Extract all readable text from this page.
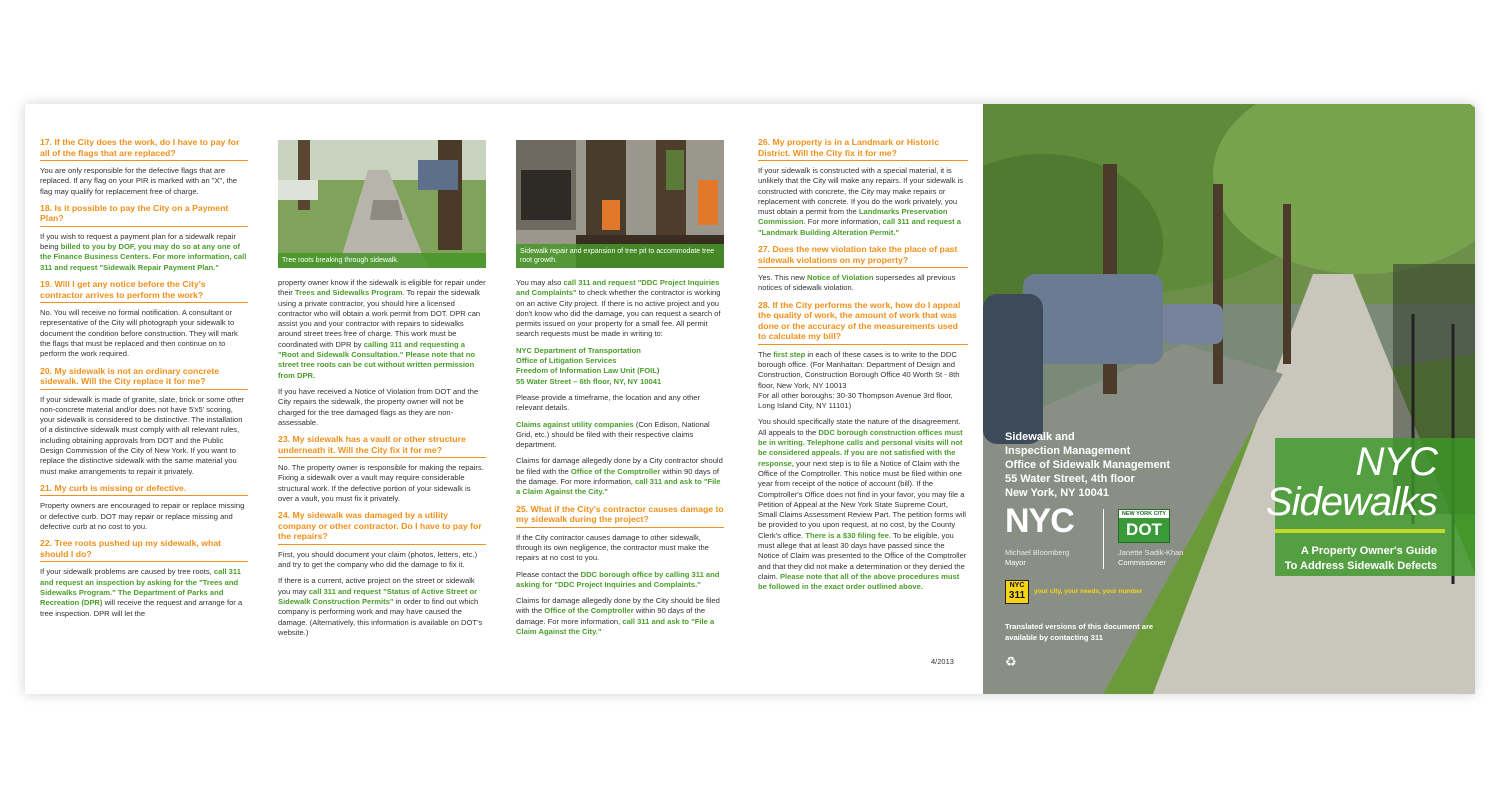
17. If the City does the work, do I have to pay for all of the flags that are replaced?

You are only responsible for the defective flags that are replaced. If any flag on your PIR is marked with an "X", the flag may qualify for replacement free of charge.

18. Is it possible to pay the City on a Payment Plan?

If you wish to request a payment plan for a sidewalk repair being billed to you by DOF, you may do so at any one of the Finance Business Centers. For more information, call 311 and request "Sidewalk Repair Payment Plan."

19. Will I get any notice before the City's contractor arrives to perform the work?

No. You will receive no formal notification. A consultant or representative of the City will photograph your sidewalk to document the condition before construction. They will mark the flags that must be replaced and then continue on to perform the work required.

20. My sidewalk is not an ordinary concrete sidewalk. Will the City replace it for me?

If your sidewalk is made of granite, slate, brick or some other non-concrete material and/or does not have 5'x5' scoring, your sidewalk is considered to be distinctive. The installation of a distinctive sidewalk must comply with all relevant rules, including obtaining approvals from DOT and the Public Design Commission of the City of New York. If you want to replace the distinctive sidewalk with the same material you must make arrangements to repair it privately.

21. My curb is missing or defective.

Property owners are encouraged to repair or replace missing or defective curb. DOT may repair or replace missing and defective curb at no cost to you.

22. Tree roots pushed up my sidewalk, what should I do?

If your sidewalk problems are caused by tree roots, call 311 and request an inspection by asking for the "Trees and Sidewalks Program." The Department of Parks and Recreation (DPR) will receive the request and arrange for a tree inspection. DPR will let the

Tree roots breaking through sidewalk.

property owner know if the sidewalk is eligible for repair under their Trees and Sidewalks Program. To repair the sidewalk using a private contractor, you should hire a licensed contractor who will obtain a work permit from DOT. DPR can assist you and your contractor with repairs to sidewalks around street trees free of charge. This work must be coordinated with DPR by calling 311 and requesting a "Root and Sidewalk Consultation." Please note that no street tree roots can be cut without written permission from DPR.

If you have received a Notice of Violation from DOT and the City repairs the sidewalk, the property owner will not be charged for the tree damaged flags as they are non-assessable.

23. My sidewalk has a vault or other structure underneath it. Will the City fix it for me?

No. The property owner is responsible for making the repairs. Fixing a sidewalk over a vault may require considerable structural work. If the defective portion of your sidewalk is over a vault, you must fix it privately.

24. My sidewalk was damaged by a utility company or other contractor. Do I have to pay for the repairs?

First, you should document your claim (photos, letters, etc.) and try to get the company who did the damage to fix it.

If there is a current, active project on the street or sidewalk you may call 311 and request "Status of Active Street or Sidewalk Construction Permits" in order to find out which company is performing work and may have caused the damage. (Alternatively, this information is available on DOT's website.)

Sidewalk repair and expansion of tree pit to accommodate tree root growth.

You may also call 311 and request "DDC Project Inquiries and Complaints" to check whether the contractor is working on an active City project. If there is no active project and you don't know who did the damage, you can request a search of permits issued on your property for a small fee. All permit search requests must be made in writing to:

NYC Department of Transportation
Office of Litigation Services
Freedom of Information Law Unit (FOIL)
55 Water Street – 6th floor, NY, NY 10041

Please provide a timeframe, the location and any other relevant details.

Claims against utility companies (Con Edison, National Grid, etc.) should be filed with their respective claims department.

Claims for damage allegedly done by a City contractor should be filed with the Office of the Comptroller within 90 days of the damage. For more information, call 311 and ask to "File a Claim Against the City."

25. What if the City's contractor causes damage to my sidewalk during the project?

If the City contractor causes damage to other sidewalk, through its own negligence, the contractor must make the repairs at no cost to you.

Please contact the DDC borough office by calling 311 and asking for "DDC Project Inquiries and Complaints."

Claims for damage allegedly done by the City should be filed with the Office of the Comptroller within 90 days of the damage. For more information, call 311 and ask to "File a Claim Against the City."

26. My property is in a Landmark or Historic District. Will the City fix it for me?

If your sidewalk is constructed with a special material, it is unlikely that the City will make any repairs. If your sidewalk is constructed with concrete, the City may make repairs or replacement with concrete. If you do the work privately, you must obtain a permit from the Landmarks Preservation Commission. For more information, call 311 and request a "Landmark Building Alteration Permit."

27. Does the new violation take the place of past sidewalk violations on my property?

Yes. This new Notice of Violation supersedes all previous notices of sidewalk violation.

28. If the City performs the work, how do I appeal the quality of work, the amount of work that was done or the accuracy of the measurements used to calculate my bill?

The first step in each of these cases is to write to the DDC borough office. (For Manhattan: Department of Design and Construction, Construction Borough Office 40 Worth St - 8th floor, New York, NY 10013
For all other boroughs: 30-30 Thompson Avenue 3rd floor, Long Island City, NY 11101)

You should specifically state the nature of the disagreement. All appeals to the DDC borough construction offices must be in writing. Telephone calls and personal visits will not be considered appeals. If you are not satisfied with the response, your next step is to file a Notice of Claim with the Office of the Comptroller. This notice must be filed within one year from receipt of the notice of account (bill). If the Comptroller's Office does not find in your favor, you may file a Petition of Appeal at the New York State Supreme Court, Small Claims Assessment Review Part. The petition forms will be provided to you upon request, at no cost, by the County Clerk's office. There is a $30 filing fee. To be eligible, you must allege that at least 30 days have passed since the Notice of Claim was presented to the Office of the Comptroller and that they did not make a determination or they denied the claim. Please note that all of the above procedures must be followed in the exact order outlined above.

4/2013
Sidewalk and
Inspection Management
Office of Sidewalk Management
55 Water Street, 4th floor
New York, NY 10041
NYC
Michael Bloomberg
Mayor
NEW YORK CITY
DOT
Janette Sadik-Khan
Commissioner
NYC
311	your city, your needs, your number
Translated versions of this document are available by contacting 311
♻
NYC
Sidewalks
A Property Owner's Guide
To Address Sidewalk Defects
